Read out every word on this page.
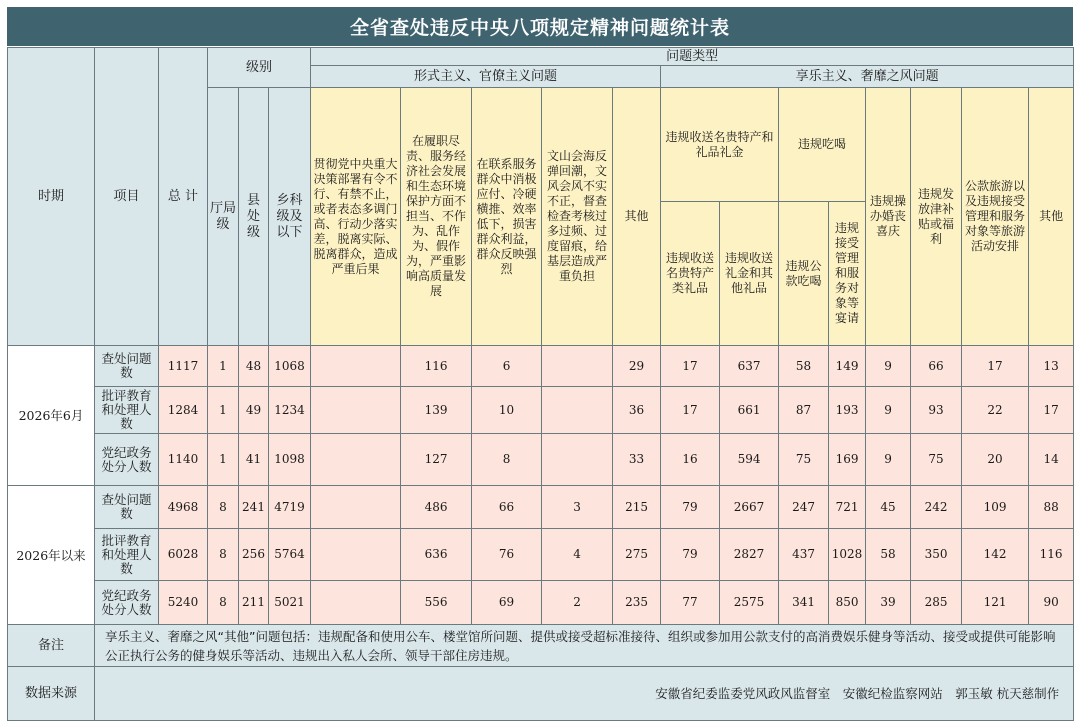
全省查处违反中央八项规定精神问题统计表
时期	项目	总 计	级别			问题类型												
						形式主义、官僚主义问题					享乐主义、奢靡之风问题							
			厅局级	县处级	乡科级及以下	贯彻党中央重大决策部署有令不行、有禁不止，或者表态多调门高、行动少落实差，脱离实际、脱离群众，造成严重后果	在履职尽责、服务经济社会发展和生态环境保护方面不担当、不作为、乱作为、假作为，严重影响高质量发展	在联系服务群众中消极应付、冷硬横推、效率低下，损害群众利益，群众反映强烈	文山会海反弹回潮，文风会风不实不正，督查检查考核过多过频、过度留痕，给基层造成严重负担	其他	违规收送名贵特产和礼品礼金		违规吃喝		违规操办婚丧喜庆	违规发放津补贴或福利	公款旅游以及违规接受管理和服务对象等旅游活动安排	其他
											违规收送名贵特产类礼品	违规收送礼金和其他礼品	违规公款吃喝	违规接受管理和服务对象等宴请				
2026年6月	查处问题数	1117	1	48	1068		116	6		29	17	637	58	149	9	66	17	13
	批评教育和处理人数	1284	1	49	1234		139	10		36	17	661	87	193	9	93	22	17
	党纪政务处分人数	1140	1	41	1098		127	8		33	16	594	75	169	9	75	20	14
2026年以来	查处问题数	4968	8	241	4719		486	66	3	215	79	2667	247	721	45	242	109	88
	批评教育和处理人数	6028	8	256	5764		636	76	4	275	79	2827	437	1028	58	350	142	116
	党纪政务处分人数	5240	8	211	5021		556	69	2	235	77	2575	341	850	39	285	121	90
备注	享乐主义、奢靡之风“其他”问题包括：违规配备和使用公车、楼堂馆所问题、提供或接受超标准接待、组织或参加用公款支付的高消费娱乐健身等活动、接受或提供可能影响公正执行公务的健身娱乐等活动、违规出入私人会所、领导干部住房违规。																	
数据来源	安徽省纪委监委党风政风监督室　安徽纪检监察网站　郭玉敏 杭天慈制作																	
